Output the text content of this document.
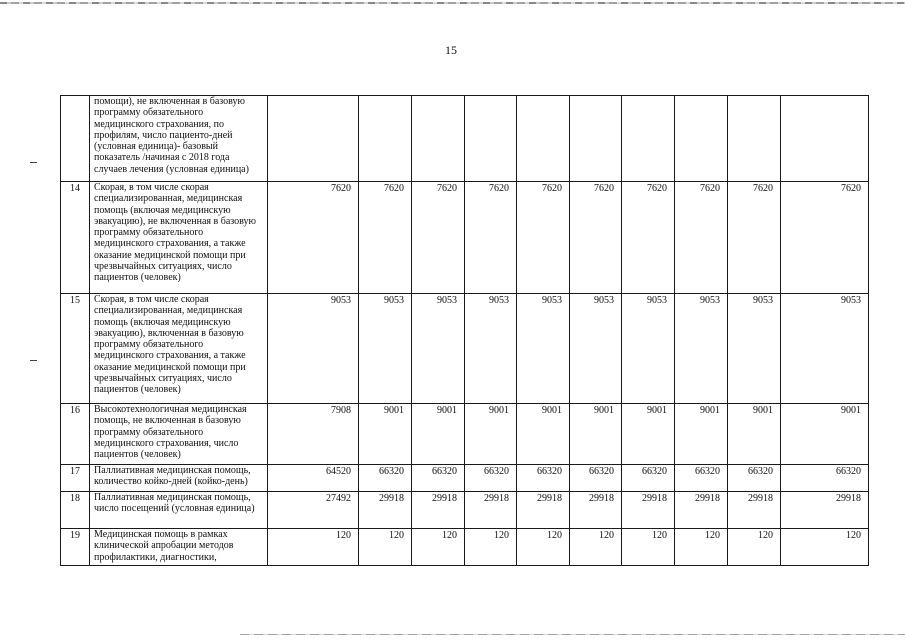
15
	помощи), не включенная в базовую программу обязательного медицинского страхования, по профилям, число пациенто-дней (условная единица)- базовый показатель /начиная с 2018 года случаев лечения (условная единица)										
14	Скорая, в том числе скорая специализированная, медицинская помощь (включая медицинскую эвакуацию), не включенная в базовую программу обязательного медицинского страхования, а также оказание медицинской помощи при чрезвычайных ситуациях, число пациентов (человек)	7620	7620	7620	7620	7620	7620	7620	7620	7620	7620
15	Скорая, в том числе скорая специализированная, медицинская помощь (включая медицинскую эвакуацию), включенная в базовую программу обязательного медицинского страхования, а также оказание медицинской помощи при чрезвычайных ситуациях, число пациентов (человек)	9053	9053	9053	9053	9053	9053	9053	9053	9053	9053
16	Высокотехнологичная медицинская помощь, не включенная в базовую программу обязательного медицинского страхования, число пациентов (человек)	7908	9001	9001	9001	9001	9001	9001	9001	9001	9001
17	Паллиативная медицинская помощь, количество койко-дней (койко-день)	64520	66320	66320	66320	66320	66320	66320	66320	66320	66320
18	Паллиативная медицинская помощь, число посещений (условная единица)	27492	29918	29918	29918	29918	29918	29918	29918	29918	29918
19	Медицинская помощь в рамках клинической апробации методов профилактики, диагностики,	120	120	120	120	120	120	120	120	120	120
